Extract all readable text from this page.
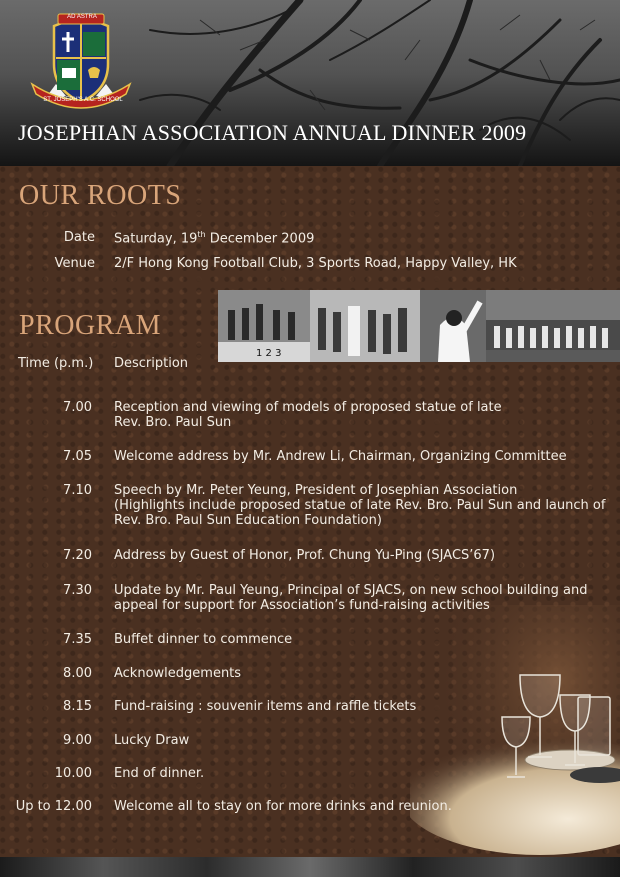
AD ASTRA
ST. JOSEPH'S A.C. SCHOOL
JOSEPHIAN ASSOCIATION ANNUAL DINNER 2009
OUR ROOTS
Date Saturday, 19th December 2009
Venue 2/F Hong Kong Football Club, 3 Sports Road, Happy Valley, HK
1 2 3
PROGRAM
Time (p.m.) Description
7.00 Reception and viewing of models of proposed statue of late
Rev. Bro. Paul Sun
7.05 Welcome address by Mr. Andrew Li, Chairman, Organizing Committee
7.10 Speech by Mr. Peter Yeung, President of Josephian Association
(Highlights include proposed statue of late Rev. Bro. Paul Sun and launch of
Rev. Bro. Paul Sun Education Foundation)
7.20 Address by Guest of Honor, Prof. Chung Yu-Ping (SJACS’67)
7.30 Update by Mr. Paul Yeung, Principal of SJACS, on new school building and
appeal for support for Association’s fund-raising activities
7.35 Buffet dinner to commence
8.00 Acknowledgements
8.15 Fund-raising : souvenir items and raffle tickets
9.00 Lucky Draw
10.00 End of dinner.
Up to 12.00 Welcome all to stay on for more drinks and reunion.
